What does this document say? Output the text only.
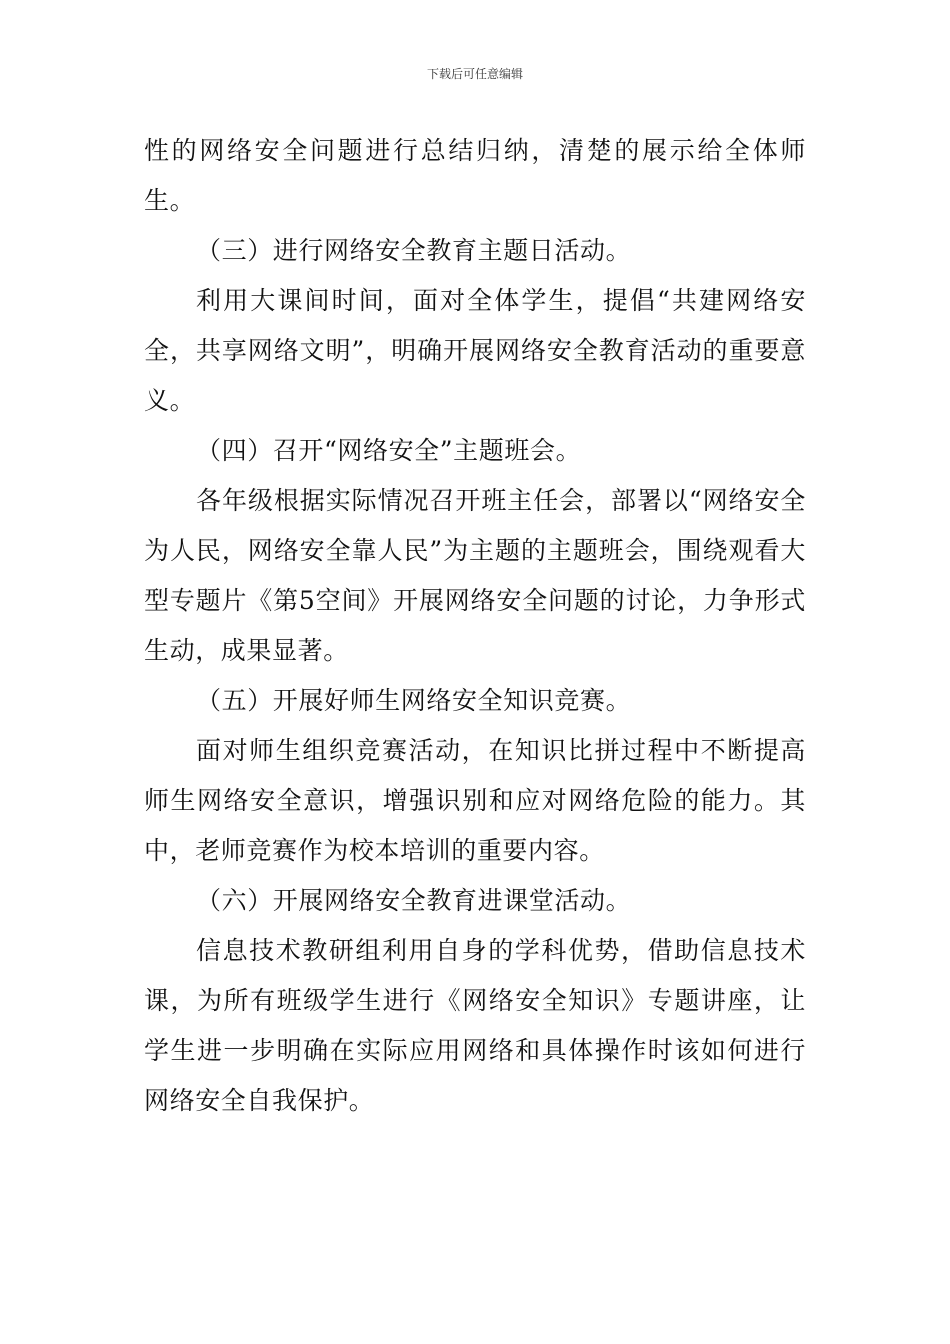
下载后可任意编辑

性的网络安全问题进行总结归纳，清楚的展示给全体师生。

（三）进行网络安全教育主题日活动。

利用大课间时间，面对全体学生，提倡“共建网络安全，共享网络文明”，明确开展网络安全教育活动的重要意义。

（四）召开“网络安全”主题班会。

各年级根据实际情况召开班主任会，部署以“网络安全为人民，网络安全靠人民”为主题的主题班会，围绕观看大型专题片《第5空间》开展网络安全问题的讨论，力争形式生动，成果显著。

（五）开展好师生网络安全知识竞赛。

面对师生组织竞赛活动，在知识比拼过程中不断提高师生网络安全意识，增强识别和应对网络危险的能力。其中，老师竞赛作为校本培训的重要内容。

（六）开展网络安全教育进课堂活动。

信息技术教研组利用自身的学科优势，借助信息技术课，为所有班级学生进行《网络安全知识》专题讲座，让学生进一步明确在实际应用网络和具体操作时该如何进行网络安全自我保护。
